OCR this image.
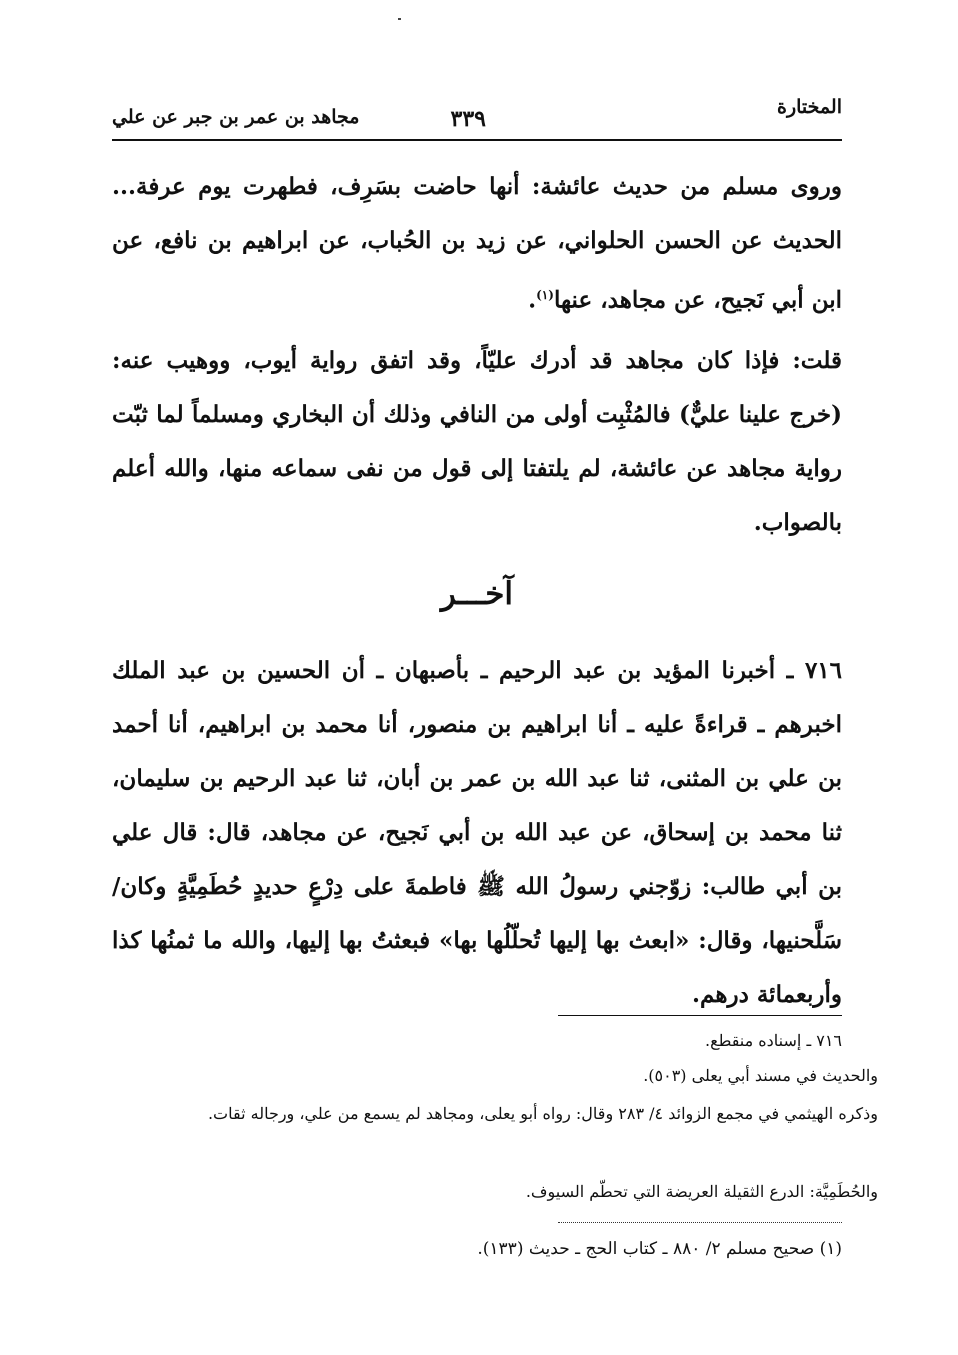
المختارة
٣٣٩
مجاهد بن عمر بن جبر عن علي
وروى مسلم من حديث عائشة: أنها حاضت بسَرِف، فطهرت يوم عرفة... الحديث عن الحسن الحلواني، عن زيد بن الحُباب، عن ابراهيم بن نافع، عن ابن أبي نَجيح، عن مجاهد، عنها$^{(١)}$.
قلت: فإذا كان مجاهد قد أدرك عليّاً، وقد اتفق رواية أيوب، ووهيب عنه: (خرج علينا عليٌّ) فالمُثْبِت أولى من النافي وذلك أن البخاري ومسلماً لما ثبّت رواية مجاهد عن عائشة، لم يلتفتا إلى قول من نفى سماعه منها، والله أعلم بالصواب.
آخـــر
٧١٦ ـ أخبرنا المؤيد بن عبد الرحيم ـ بأصبهان ـ أن الحسين بن عبد الملك اخبرهم ـ قراءةً عليه ـ أنا ابراهيم بن منصور، أنا محمد بن ابراهيم، أنا أحمد بن علي بن المثنى، ثنا عبد الله بن عمر بن أبان، ثنا عبد الرحيم بن سليمان، ثنا محمد بن إسحاق، عن عبد الله بن أبي نَجيح، عن مجاهد، قال: قال علي بن أبي طالب: زوّجني رسولُ الله ﷺ فاطمةَ على دِرْعٍ حديدٍ حُطَمِيَّةٍ وكان/ سَلَّحنيها، وقال: «ابعث بها إليها تُحلّلُها بها» فبعثتُ بها إليها، والله ما ثمنُها كذا وأربعمائة درهم.
٧١٦ ـ إسناده منقطع.
والحديث في مسند أبي يعلى (٥٠٣).
وذكره الهيثمي في مجمع الزوائد ٤/ ٢٨٣ وقال: رواه أبو يعلى، ومجاهد لم يسمع من علي، ورجاله ثقات.
والحُطَمِيَّة: الدرع الثقيلة العريضة التي تحطّم السيوف.
(١) صحيح مسلم ٢/ ٨٨٠ ـ كتاب الحج ـ حديث (١٣٣).
